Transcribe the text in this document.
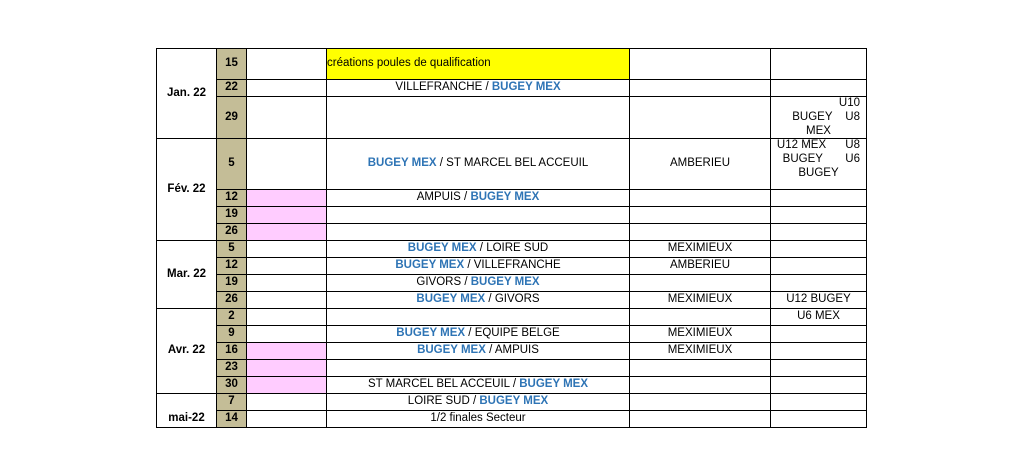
Jan. 22	15		créations poules de qualification		
	22		VILLEFRANCHE / BUGEY MEX		
	29				U10 BUGEY U8
MEX

Fév. 22	5		BUGEY MEX / ST MARCEL BEL ACCEUIL	AMBERIEU	U12 MEX U8
BUGEY U6
BUGEY

	12		AMPUIS / BUGEY MEX		
	19				
	26				
Mar. 22	5		BUGEY MEX / LOIRE SUD	MEXIMIEUX	
	12		BUGEY MEX / VILLEFRANCHE	AMBERIEU	
	19		GIVORS / BUGEY MEX		
	26		BUGEY MEX / GIVORS	MEXIMIEUX	U12 BUGEY
Avr. 22	2				U6 MEX
	9		BUGEY MEX / EQUIPE BELGE	MEXIMIEUX	
	16		BUGEY MEX / AMPUIS	MEXIMIEUX	
	23				
	30		ST MARCEL BEL ACCEUIL / BUGEY MEX		
mai-22	7		LOIRE SUD / BUGEY MEX		
	14		1/2 finales Secteur		
